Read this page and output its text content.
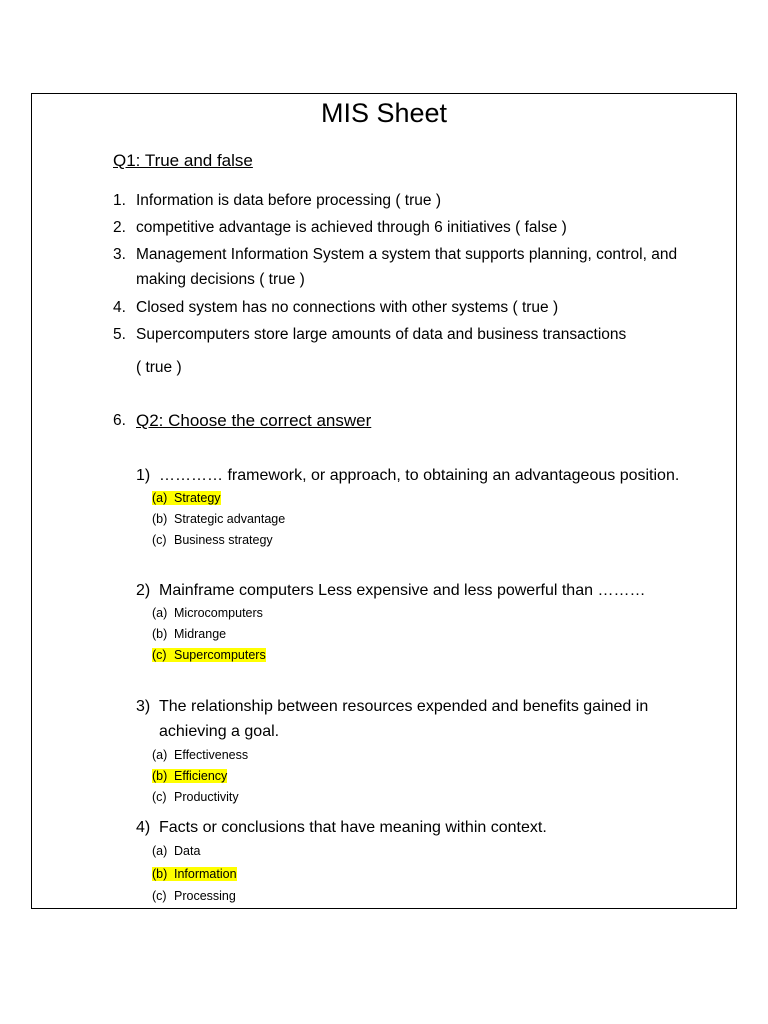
MIS Sheet
Q1: True and false
1. Information is data before processing ( true )
2. competitive advantage is achieved through 6 initiatives ( false )
3. Management Information System a system that supports planning, control, and making decisions ( true )
4. Closed system has no connections with other systems ( true )
5. Supercomputers store large amounts of data and business transactions
( true )
6. Q2: Choose the correct answer
1) ………… framework, or approach, to obtaining an advantageous position.
(a) Strategy
(b) Strategic advantage
(c) Business strategy
2) Mainframe computers Less expensive and less powerful than ………
(a) Microcomputers
(b) Midrange
(c) Supercomputers
3) The relationship between resources expended and benefits gained in achieving a goal.
(a) Effectiveness
(b) Efficiency
(c) Productivity
4) Facts or conclusions that have meaning within context.
(a) Data
(b) Information
(c) Processing
